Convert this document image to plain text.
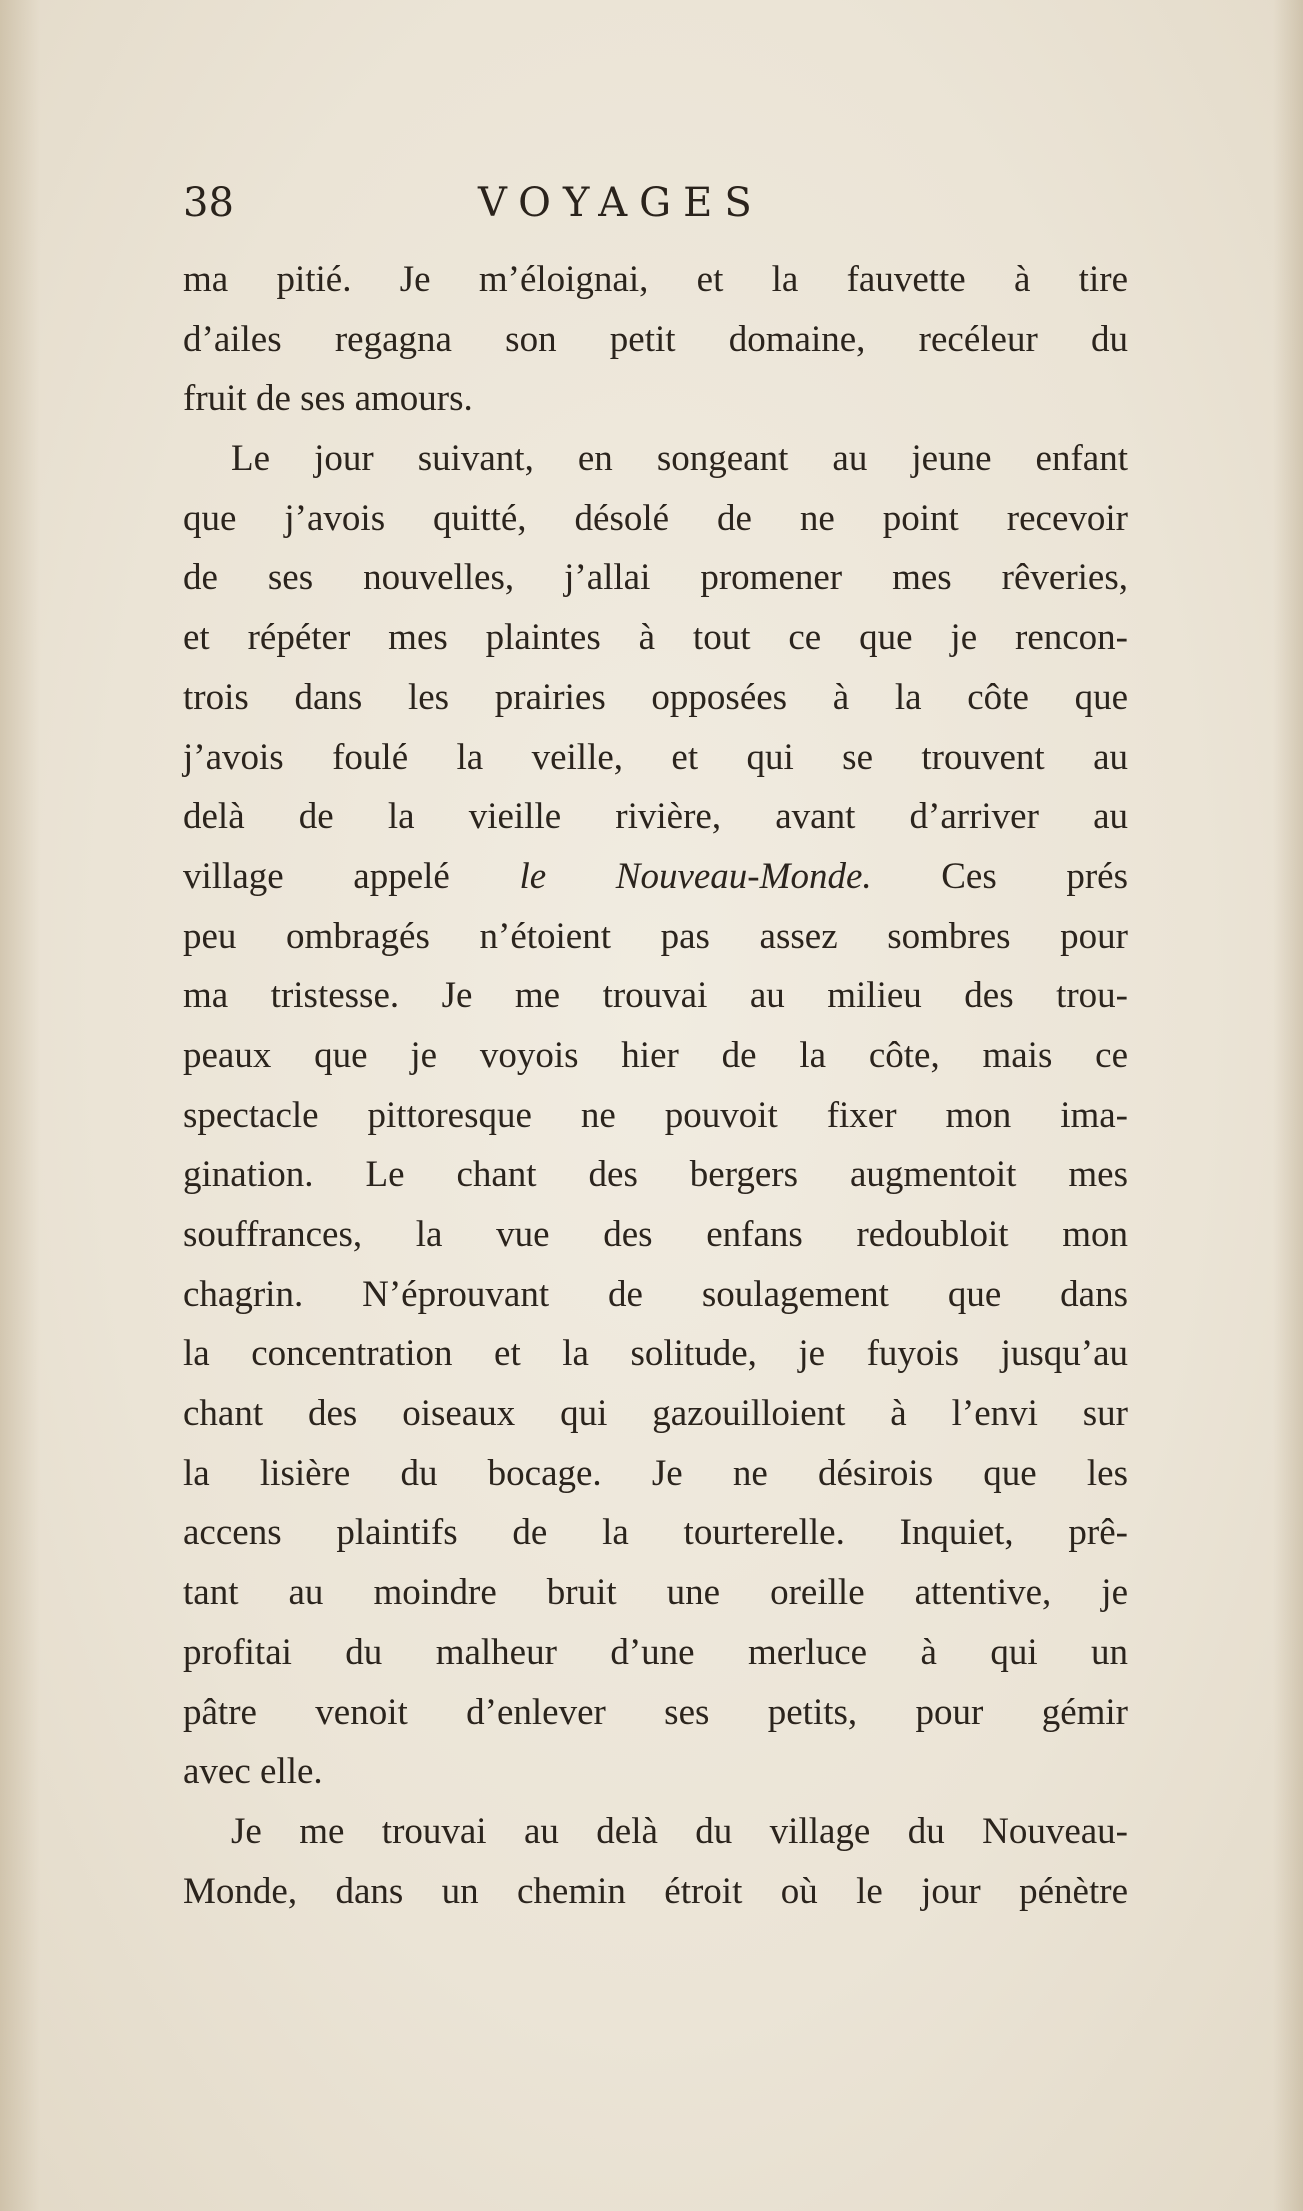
38	VOYAGES
ma pitié. Je m’éloignai, et la fauvette à tire
d’ailes regagna son petit domaine, recéleur du
fruit de ses amours.
Le jour suivant, en songeant au jeune enfant
que j’avois quitté, désolé de ne point recevoir
de ses nouvelles, j’allai promener mes rêveries,
et répéter mes plaintes à tout ce que je rencon-
trois dans les prairies opposées à la côte que
j’avois foulé la veille, et qui se trouvent au
delà de la vieille rivière, avant d’arriver au
village appelé le Nouveau-Monde. Ces prés
peu ombragés n’étoient pas assez sombres pour
ma tristesse. Je me trouvai au milieu des trou-
peaux que je voyois hier de la côte, mais ce
spectacle pittoresque ne pouvoit fixer mon ima-
gination. Le chant des bergers augmentoit mes
souffrances, la vue des enfans redoubloit mon
chagrin. N’éprouvant de soulagement que dans
la concentration et la solitude, je fuyois jusqu’au
chant des oiseaux qui gazouilloient à l’envi sur
la lisière du bocage. Je ne désirois que les
accens plaintifs de la tourterelle. Inquiet, prê-
tant au moindre bruit une oreille attentive, je
profitai du malheur d’une merluce à qui un
pâtre venoit d’enlever ses petits, pour gémir
avec elle.
Je me trouvai au delà du village du Nouveau-
Monde, dans un chemin étroit où le jour pénètre
